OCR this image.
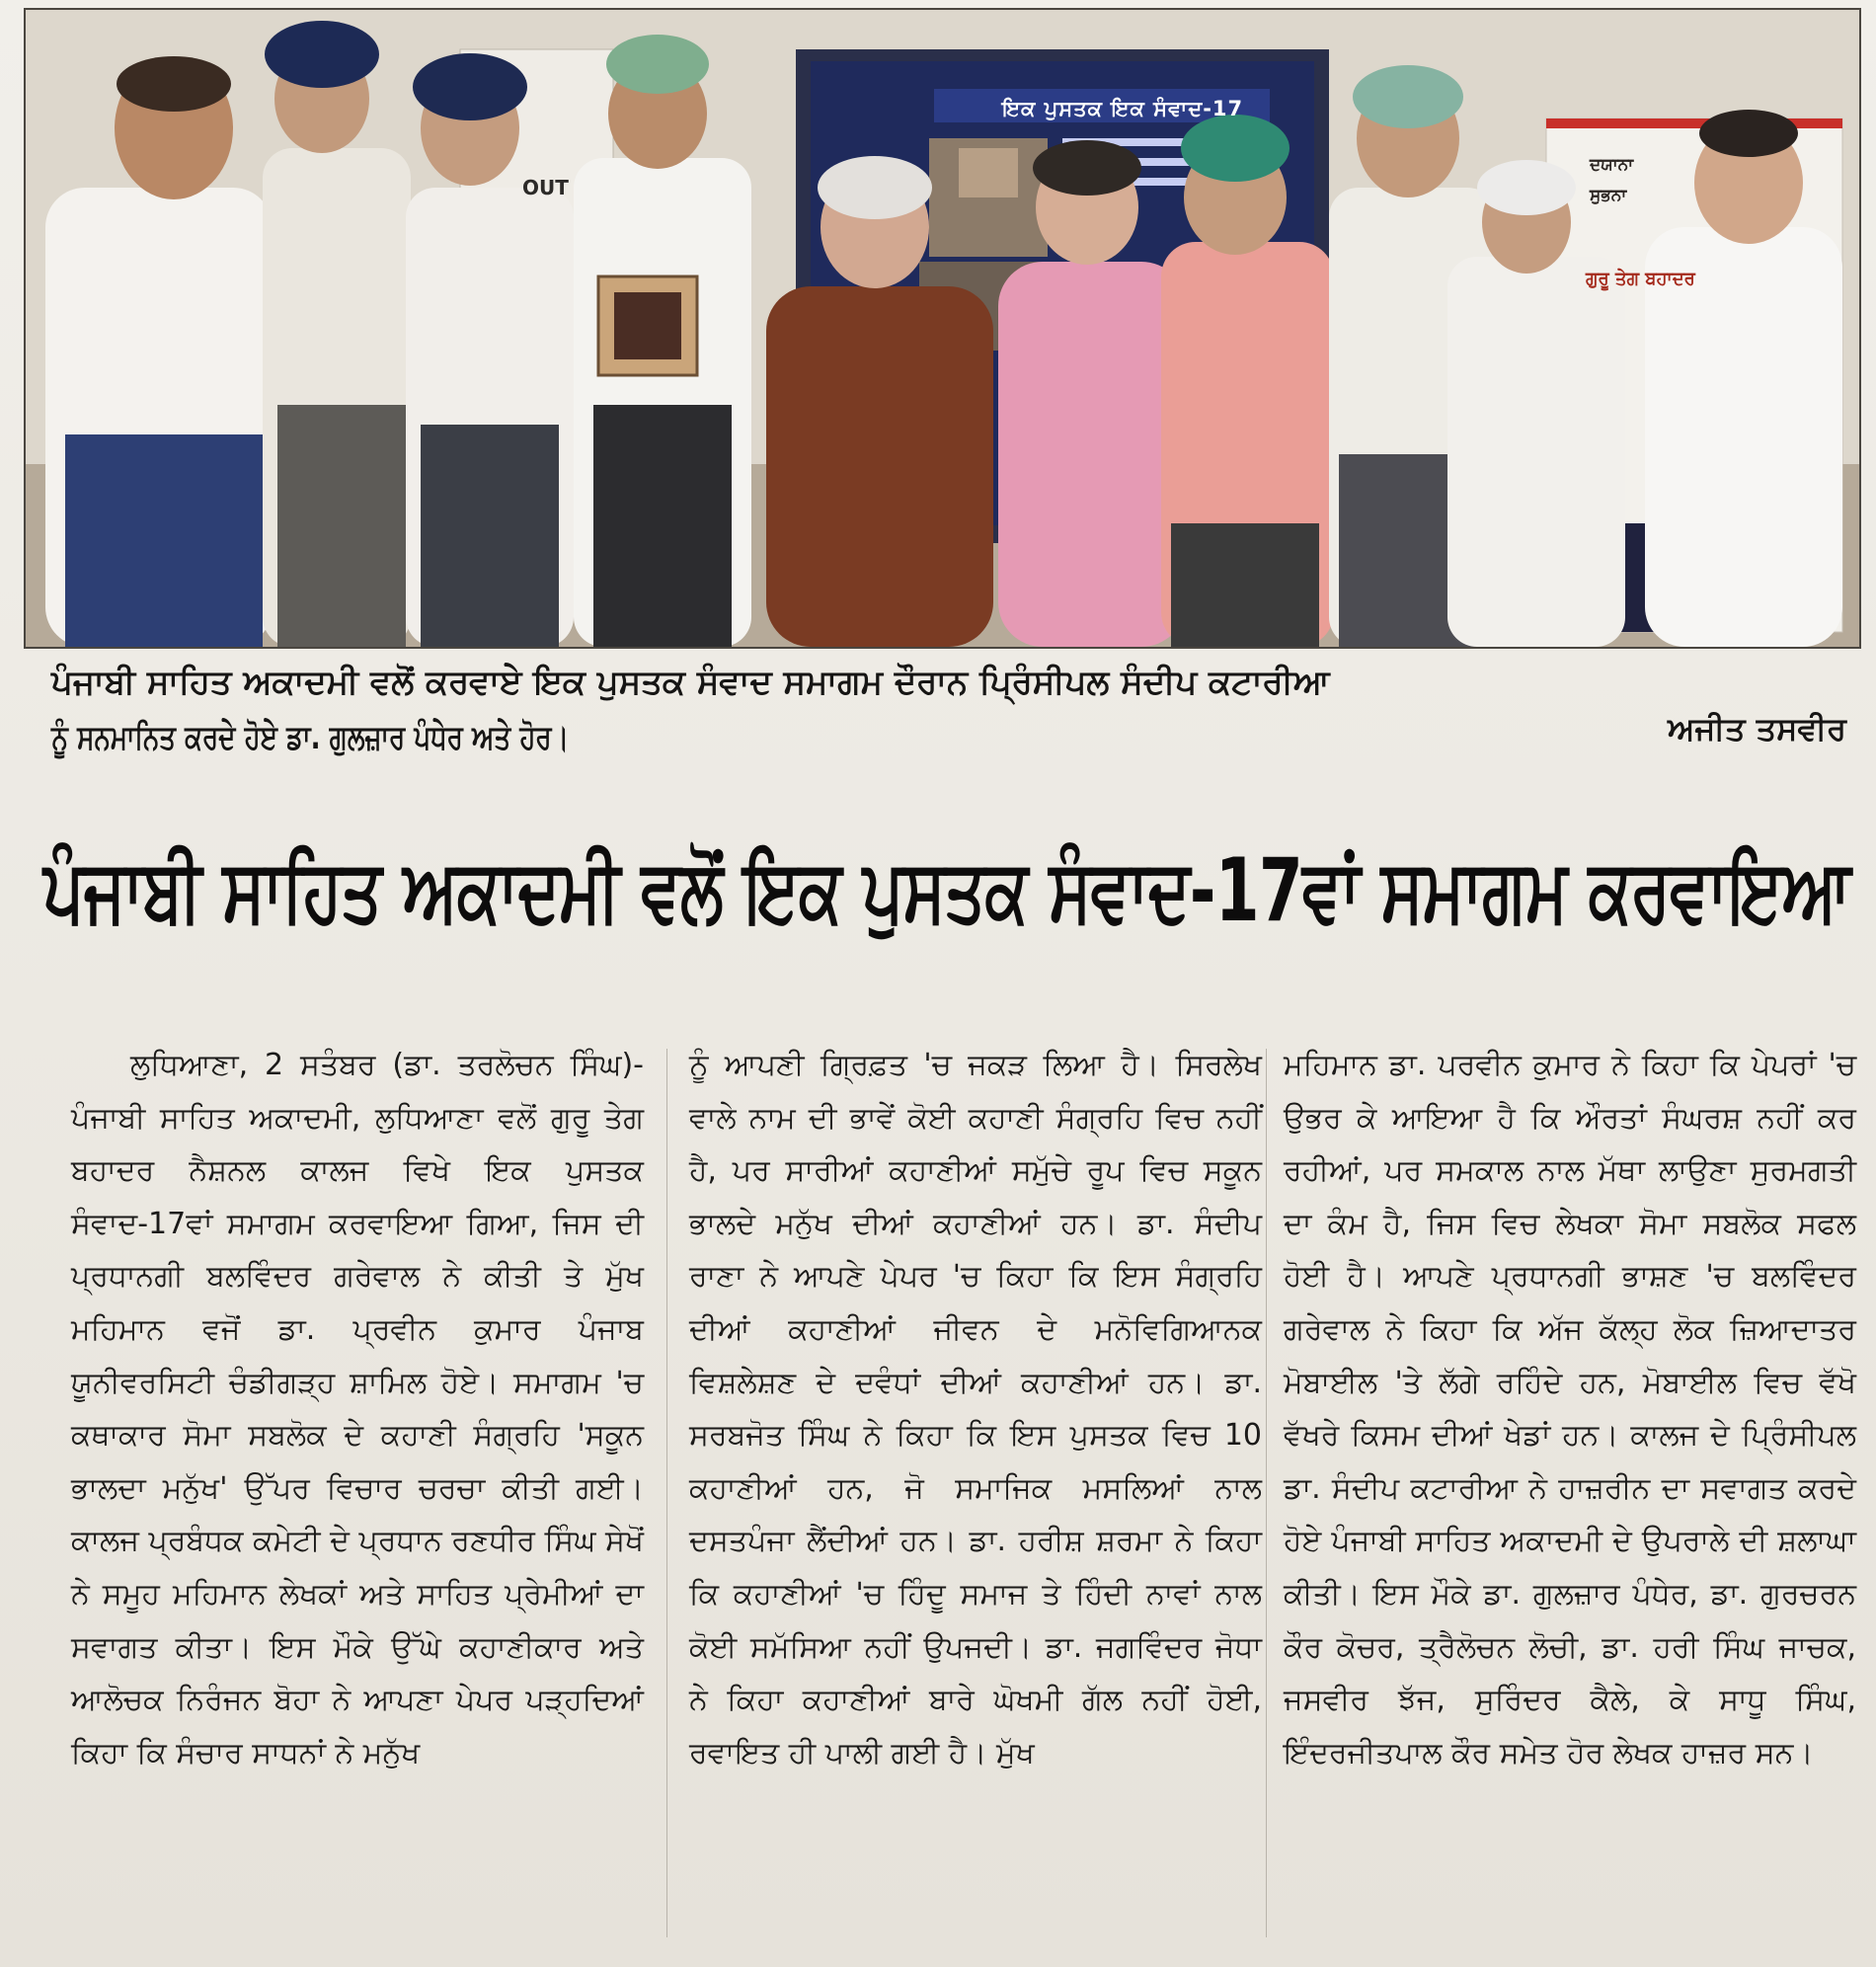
ਇਕ ਪੁਸਤਕ ਇਕ ਸੰਵਾਦ-17
OUT
ਦਯਾਨਾ
ਸੁਭਨਾ
ਗੁਰੂ ਤੇਗ ਬਹਾਦਰ
ਪੰਜਾਬੀ ਸਾਹਿਤ ਅਕਾਦਮੀ ਵਲੋਂ ਕਰਵਾਏ ਇਕ ਪੁਸਤਕ ਸੰਵਾਦ ਸਮਾਗਮ ਦੌਰਾਨ ਪ੍ਰਿੰਸੀਪਲ ਸੰਦੀਪ ਕਟਾਰੀਆ
ਨੂੰ ਸਨਮਾਨਿਤ ਕਰਦੇ ਹੋਏ ਡਾ. ਗੁਲਜ਼ਾਰ ਪੰਧੇਰ ਅਤੇ ਹੋਰ।	ਅਜੀਤ ਤਸਵੀਰ
ਪੰਜਾਬੀ ਸਾਹਿਤ ਅਕਾਦਮੀ ਵਲੋਂ ਇਕ ਪੁਸਤਕ ਸੰਵਾਦ-17ਵਾਂ ਸਮਾਗਮ ਕਰਵਾਇਆ

ਲੁਧਿਆਣਾ, 2 ਸਤੰਬਰ (ਡਾ. ਤਰਲੋਚਨ ਸਿੰਘ)-ਪੰਜਾਬੀ ਸਾਹਿਤ ਅਕਾਦਮੀ, ਲੁਧਿਆਣਾ ਵਲੋਂ ਗੁਰੂ ਤੇਗ ਬਹਾਦਰ ਨੈਸ਼ਨਲ ਕਾਲਜ ਵਿਖੇ ਇਕ ਪੁਸਤਕ ਸੰਵਾਦ-17ਵਾਂ ਸਮਾਗਮ ਕਰਵਾਇਆ ਗਿਆ, ਜਿਸ ਦੀ ਪ੍ਰਧਾਨਗੀ ਬਲਵਿੰਦਰ ਗਰੇਵਾਲ ਨੇ ਕੀਤੀ ਤੇ ਮੁੱਖ ਮਹਿਮਾਨ ਵਜੋਂ ਡਾ. ਪ੍ਰਵੀਨ ਕੁਮਾਰ ਪੰਜਾਬ ਯੂਨੀਵਰਸਿਟੀ ਚੰਡੀਗੜ੍ਹ ਸ਼ਾਮਿਲ ਹੋਏ। ਸਮਾਗਮ 'ਚ ਕਥਾਕਾਰ ਸੋਮਾ ਸਬਲੋਕ ਦੇ ਕਹਾਣੀ ਸੰਗ੍ਰਹਿ 'ਸਕੂਨ ਭਾਲਦਾ ਮਨੁੱਖ' ਉੱਪਰ ਵਿਚਾਰ ਚਰਚਾ ਕੀਤੀ ਗਈ। ਕਾਲਜ ਪ੍ਰਬੰਧਕ ਕਮੇਟੀ ਦੇ ਪ੍ਰਧਾਨ ਰਣਧੀਰ ਸਿੰਘ ਸੇਖੋਂ ਨੇ ਸਮੂਹ ਮਹਿਮਾਨ ਲੇਖਕਾਂ ਅਤੇ ਸਾਹਿਤ ਪ੍ਰੇਮੀਆਂ ਦਾ ਸਵਾਗਤ ਕੀਤਾ। ਇਸ ਮੌਕੇ ਉੱਘੇ ਕਹਾਣੀਕਾਰ ਅਤੇ ਆਲੋਚਕ ਨਿਰੰਜਨ ਬੋਹਾ ਨੇ ਆਪਣਾ ਪੇਪਰ ਪੜ੍ਹਦਿਆਂ ਕਿਹਾ ਕਿ ਸੰਚਾਰ ਸਾਧਨਾਂ ਨੇ ਮਨੁੱਖ

ਨੂੰ ਆਪਣੀ ਗ੍ਰਿਫ਼ਤ 'ਚ ਜਕੜ ਲਿਆ ਹੈ। ਸਿਰਲੇਖ ਵਾਲੇ ਨਾਮ ਦੀ ਭਾਵੇਂ ਕੋਈ ਕਹਾਣੀ ਸੰਗ੍ਰਹਿ ਵਿਚ ਨਹੀਂ ਹੈ, ਪਰ ਸਾਰੀਆਂ ਕਹਾਣੀਆਂ ਸਮੁੱਚੇ ਰੂਪ ਵਿਚ ਸਕੂਨ ਭਾਲਦੇ ਮਨੁੱਖ ਦੀਆਂ ਕਹਾਣੀਆਂ ਹਨ। ਡਾ. ਸੰਦੀਪ ਰਾਣਾ ਨੇ ਆਪਣੇ ਪੇਪਰ 'ਚ ਕਿਹਾ ਕਿ ਇਸ ਸੰਗ੍ਰਹਿ ਦੀਆਂ ਕਹਾਣੀਆਂ ਜੀਵਨ ਦੇ ਮਨੋਵਿਗਿਆਨਕ ਵਿਸ਼ਲੇਸ਼ਣ ਦੇ ਦਵੰਧਾਂ ਦੀਆਂ ਕਹਾਣੀਆਂ ਹਨ। ਡਾ. ਸਰਬਜੋਤ ਸਿੰਘ ਨੇ ਕਿਹਾ ਕਿ ਇਸ ਪੁਸਤਕ ਵਿਚ 10 ਕਹਾਣੀਆਂ ਹਨ, ਜੋ ਸਮਾਜਿਕ ਮਸਲਿਆਂ ਨਾਲ ਦਸਤਪੰਜਾ ਲੈਂਦੀਆਂ ਹਨ। ਡਾ. ਹਰੀਸ਼ ਸ਼ਰਮਾ ਨੇ ਕਿਹਾ ਕਿ ਕਹਾਣੀਆਂ 'ਚ ਹਿੰਦੂ ਸਮਾਜ ਤੇ ਹਿੰਦੀ ਨਾਵਾਂ ਨਾਲ ਕੋਈ ਸਮੱਸਿਆ ਨਹੀਂ ਉਪਜਦੀ। ਡਾ. ਜਗਵਿੰਦਰ ਜੋਧਾ ਨੇ ਕਿਹਾ ਕਹਾਣੀਆਂ ਬਾਰੇ ਘੋਖਮੀ ਗੱਲ ਨਹੀਂ ਹੋਈ, ਰਵਾਇਤ ਹੀ ਪਾਲੀ ਗਈ ਹੈ। ਮੁੱਖ

ਮਹਿਮਾਨ ਡਾ. ਪਰਵੀਨ ਕੁਮਾਰ ਨੇ ਕਿਹਾ ਕਿ ਪੇਪਰਾਂ 'ਚ ਉਭਰ ਕੇ ਆਇਆ ਹੈ ਕਿ ਔਰਤਾਂ ਸੰਘਰਸ਼ ਨਹੀਂ ਕਰ ਰਹੀਆਂ, ਪਰ ਸਮਕਾਲ ਨਾਲ ਮੱਥਾ ਲਾਉਣਾ ਸੁਰਮਗਤੀ ਦਾ ਕੰਮ ਹੈ, ਜਿਸ ਵਿਚ ਲੇਖਕਾ ਸੋਮਾ ਸਬਲੋਕ ਸਫਲ ਹੋਈ ਹੈ। ਆਪਣੇ ਪ੍ਰਧਾਨਗੀ ਭਾਸ਼ਣ 'ਚ ਬਲਵਿੰਦਰ ਗਰੇਵਾਲ ਨੇ ਕਿਹਾ ਕਿ ਅੱਜ ਕੱਲ੍ਹ ਲੋਕ ਜ਼ਿਆਦਾਤਰ ਮੋਬਾਈਲ 'ਤੇ ਲੱਗੇ ਰਹਿੰਦੇ ਹਨ, ਮੋਬਾਈਲ ਵਿਚ ਵੱਖੋ ਵੱਖਰੇ ਕਿਸਮ ਦੀਆਂ ਖੇਡਾਂ ਹਨ। ਕਾਲਜ ਦੇ ਪ੍ਰਿੰਸੀਪਲ ਡਾ. ਸੰਦੀਪ ਕਟਾਰੀਆ ਨੇ ਹਾਜ਼ਰੀਨ ਦਾ ਸਵਾਗਤ ਕਰਦੇ ਹੋਏ ਪੰਜਾਬੀ ਸਾਹਿਤ ਅਕਾਦਮੀ ਦੇ ਉਪਰਾਲੇ ਦੀ ਸ਼ਲਾਘਾ ਕੀਤੀ। ਇਸ ਮੌਕੇ ਡਾ. ਗੁਲਜ਼ਾਰ ਪੰਧੇਰ, ਡਾ. ਗੁਰਚਰਨ ਕੌਰ ਕੋਚਰ, ਤ੍ਰੈਲੋਚਨ ਲੋਚੀ, ਡਾ. ਹਰੀ ਸਿੰਘ ਜਾਚਕ, ਜਸਵੀਰ ਝੱਜ, ਸੁਰਿੰਦਰ ਕੈਲੇ, ਕੇ ਸਾਧੂ ਸਿੰਘ, ਇੰਦਰਜੀਤਪਾਲ ਕੌਰ ਸਮੇਤ ਹੋਰ ਲੇਖਕ ਹਾਜ਼ਰ ਸਨ।
